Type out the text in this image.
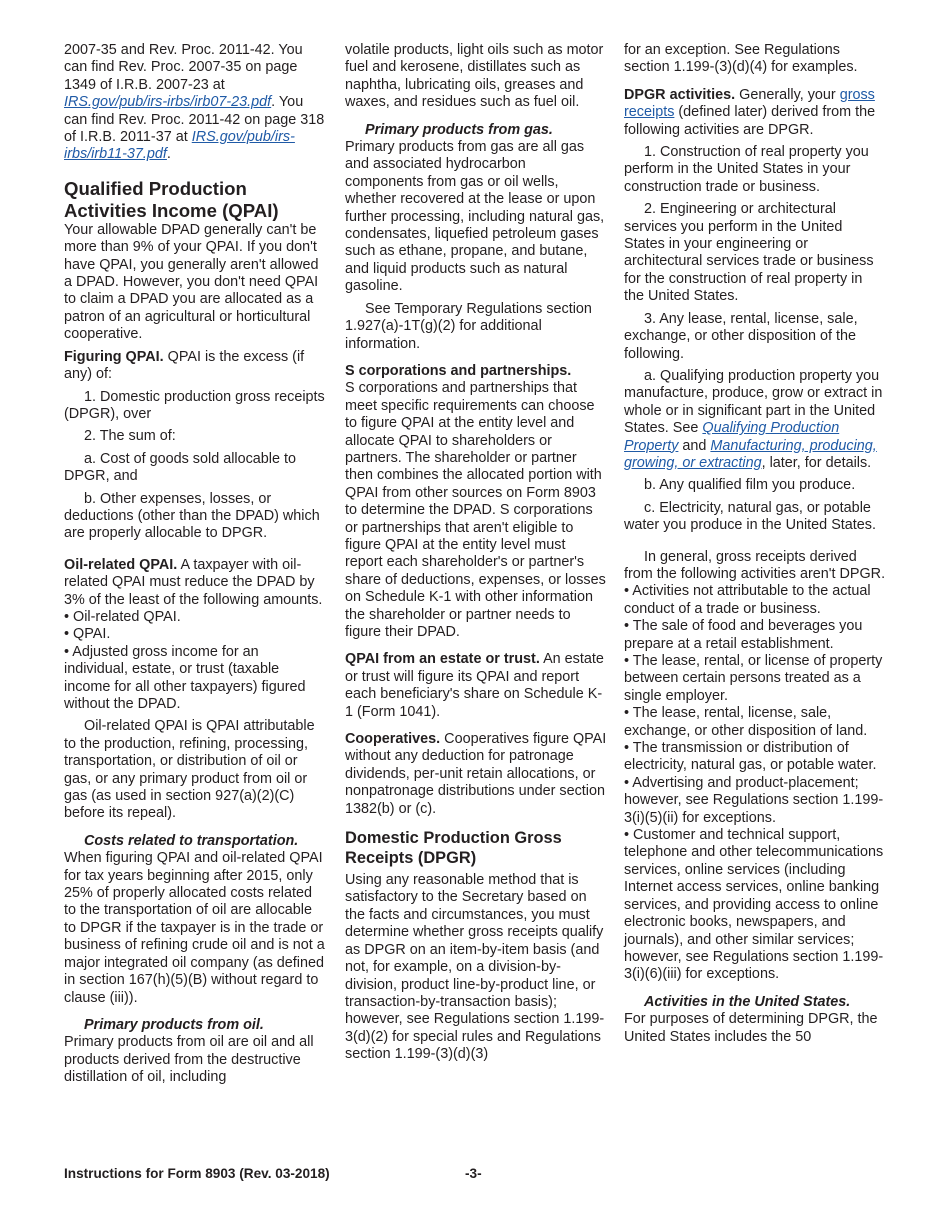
2007-35 and Rev. Proc. 2011-42. You can find Rev. Proc. 2007-35 on page 1349 of I.R.B. 2007-23 at IRS.gov/pub/irs-irbs/irb07-23.pdf. You can find Rev. Proc. 2011-42 on page 318 of I.R.B. 2011-37 at IRS.gov/pub/irs-irbs/irb11-37.pdf.

Qualified Production Activities Income (QPAI)

Your allowable DPAD generally can't be more than 9% of your QPAI. If you don't have QPAI, you generally aren't allowed a DPAD. However, you don't need QPAI to claim a DPAD you are allocated as a patron of an agricultural or horticultural cooperative.

Figuring QPAI. QPAI is the excess (if any) of:

1. Domestic production gross receipts (DPGR), over

2. The sum of:

a. Cost of goods sold allocable to DPGR, and

b. Other expenses, losses, or deductions (other than the DPAD) which are properly allocable to DPGR.

Oil-related QPAI. A taxpayer with oil-related QPAI must reduce the DPAD by 3% of the least of the following amounts.

• Oil-related QPAI.

• QPAI.

• Adjusted gross income for an individual, estate, or trust (taxable income for all other taxpayers) figured without the DPAD.

Oil-related QPAI is QPAI attributable to the production, refining, processing, transportation, or distribution of oil or gas, or any primary product from oil or gas (as used in section 927(a)(2)(C) before its repeal).

Costs related to transportation.

When figuring QPAI and oil-related QPAI for tax years beginning after 2015, only 25% of properly allocated costs related to the transportation of oil are allocable to DPGR if the taxpayer is in the trade or business of refining crude oil and is not a major integrated oil company (as defined in section 167(h)(5)(B) without regard to clause (iii)).

Primary products from oil.

Primary products from oil are oil and all products derived from the destructive distillation of oil, including

volatile products, light oils such as motor fuel and kerosene, distillates such as naphtha, lubricating oils, greases and waxes, and residues such as fuel oil.

Primary products from gas.

Primary products from gas are all gas and associated hydrocarbon components from gas or oil wells, whether recovered at the lease or upon further processing, including natural gas, condensates, liquefied petroleum gases such as ethane, propane, and butane, and liquid products such as natural gasoline.

See Temporary Regulations section 1.927(a)-1T(g)(2) for additional information.

S corporations and partnerships.

S corporations and partnerships that meet specific requirements can choose to figure QPAI at the entity level and allocate QPAI to shareholders or partners. The shareholder or partner then combines the allocated portion with QPAI from other sources on Form 8903 to determine the DPAD. S corporations or partnerships that aren't eligible to figure QPAI at the entity level must report each shareholder's or partner's share of deductions, expenses, or losses on Schedule K-1 with other information the shareholder or partner needs to figure their DPAD.

QPAI from an estate or trust. An estate or trust will figure its QPAI and report each beneficiary's share on Schedule K-1 (Form 1041).

Cooperatives. Cooperatives figure QPAI without any deduction for patronage dividends, per-unit retain allocations, or nonpatronage distributions under section 1382(b) or (c).

Domestic Production Gross Receipts (DPGR)

Using any reasonable method that is satisfactory to the Secretary based on the facts and circumstances, you must determine whether gross receipts qualify as DPGR on an item-by-item basis (and not, for example, on a division-by-division, product line-by-product line, or transaction-by-transaction basis); however, see Regulations section 1.199-3(d)(2) for special rules and Regulations section 1.199-(3)(d)(3)

for an exception. See Regulations section 1.199-(3)(d)(4) for examples.

DPGR activities. Generally, your gross receipts (defined later) derived from the following activities are DPGR.

1. Construction of real property you perform in the United States in your construction trade or business.

2. Engineering or architectural services you perform in the United States in your engineering or architectural services trade or business for the construction of real property in the United States.

3. Any lease, rental, license, sale, exchange, or other disposition of the following.

a. Qualifying production property you manufacture, produce, grow or extract in whole or in significant part in the United States. See Qualifying Production Property and Manufacturing, producing, growing, or extracting, later, for details.

b. Any qualified film you produce.

c. Electricity, natural gas, or potable water you produce in the United States.

In general, gross receipts derived from the following activities aren't DPGR.

• Activities not attributable to the actual conduct of a trade or business.

• The sale of food and beverages you prepare at a retail establishment.

• The lease, rental, or license of property between certain persons treated as a single employer.

• The lease, rental, license, sale, exchange, or other disposition of land.

• The transmission or distribution of electricity, natural gas, or potable water.

• Advertising and product-placement; however, see Regulations section 1.199-3(i)(5)(ii) for exceptions.

• Customer and technical support, telephone and other telecommunications services, online services (including Internet access services, online banking services, and providing access to online electronic books, newspapers, and journals), and other similar services; however, see Regulations section 1.199-3(i)(6)(iii) for exceptions.

Activities in the United States.

For purposes of determining DPGR, the United States includes the 50

Instructions for Form 8903 (Rev. 03-2018)	-3-
